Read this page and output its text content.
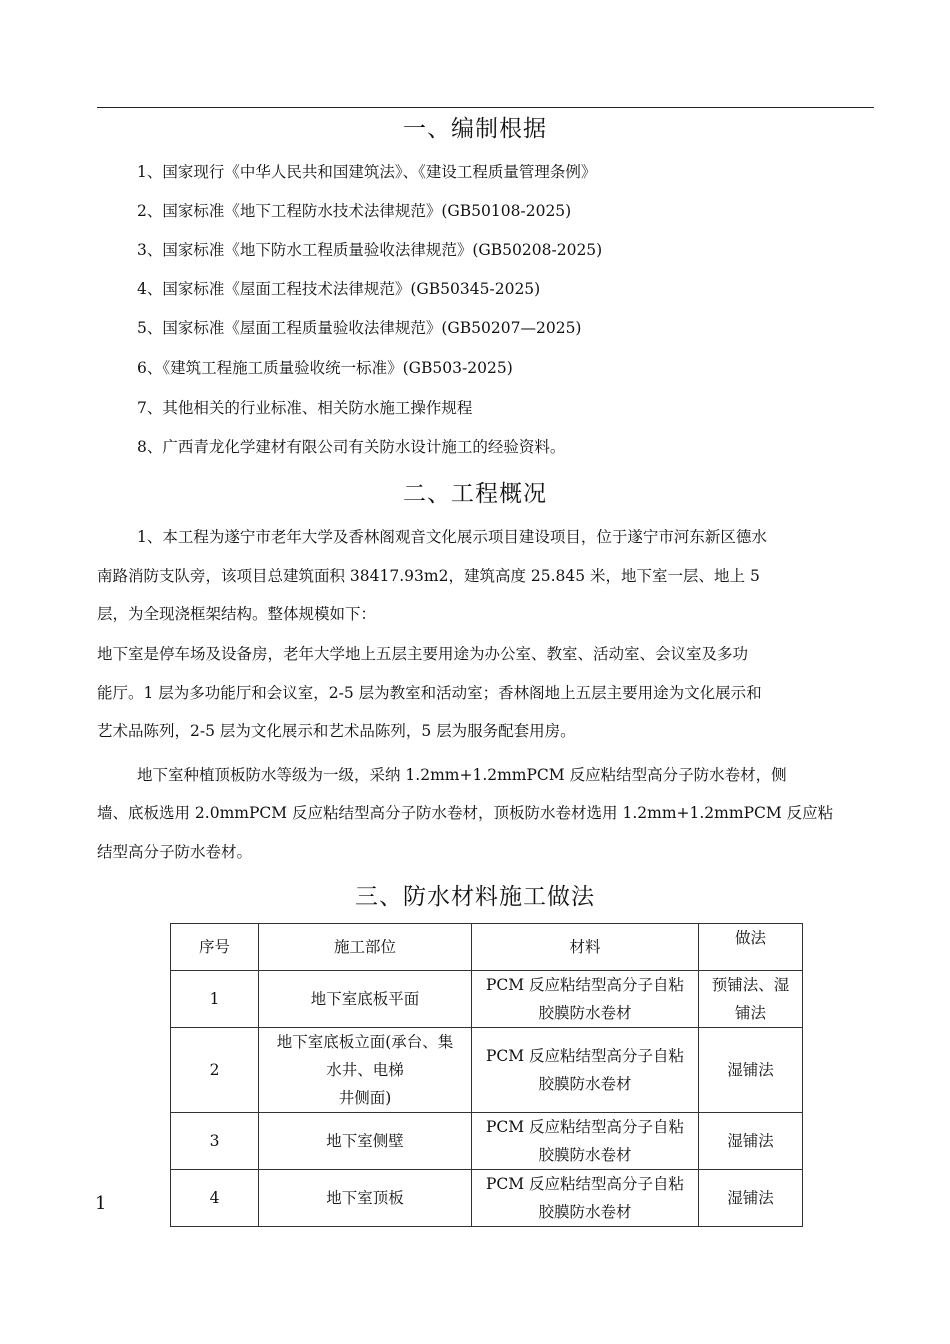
一、编制根据
1、国家现行《中华人民共和国建筑法》、《建设工程质量管理条例》
2、国家标准《地下工程防水技术法律规范》(GB50108-2025)
3、国家标准《地下防水工程质量验收法律规范》(GB50208-2025)
4、国家标准《屋面工程技术法律规范》(GB50345-2025)
5、国家标准《屋面工程质量验收法律规范》(GB50207—2025)
6、《建筑工程施工质量验收统一标准》(GB503-2025)
7、其他相关的行业标准、相关防水施工操作规程
8、广西青龙化学建材有限公司有关防水设计施工的经验资料。
二、工程概况
1、本工程为遂宁市老年大学及香林阁观音文化展示项目建设项目，位于遂宁市河东新区德水
南路消防支队旁，该项目总建筑面积 38417.93m2，建筑高度 25.845 米，地下室一层、地上 5
层，为全现浇框架结构。整体规模如下：
地下室是停车场及设备房，老年大学地上五层主要用途为办公室、教室、活动室、会议室及多功
能厅。1 层为多功能厅和会议室，2-5 层为教室和活动室；香林阁地上五层主要用途为文化展示和
艺术品陈列，2-5 层为文化展示和艺术品陈列，5 层为服务配套用房。
地下室种植顶板防水等级为一级，采纳 1.2mm+1.2mmPCM 反应粘结型高分子防水卷材，侧
墙、底板选用 2.0mmPCM 反应粘结型高分子防水卷材，顶板防水卷材选用 1.2mm+1.2mmPCM 反应粘
结型高分子防水卷材。
三、防水材料施工做法
序号	施工部位	材料	做法
1	地下室底板平面	PCM 反应粘结型高分子自粘
胶膜防水卷材	预铺法、湿
铺法
2	地下室底板立面(承台、集
水井、电梯
井侧面)	PCM 反应粘结型高分子自粘
胶膜防水卷材	湿铺法
3	地下室侧壁	PCM 反应粘结型高分子自粘
胶膜防水卷材	湿铺法
4	地下室顶板	PCM 反应粘结型高分子自粘
胶膜防水卷材	湿铺法
1
